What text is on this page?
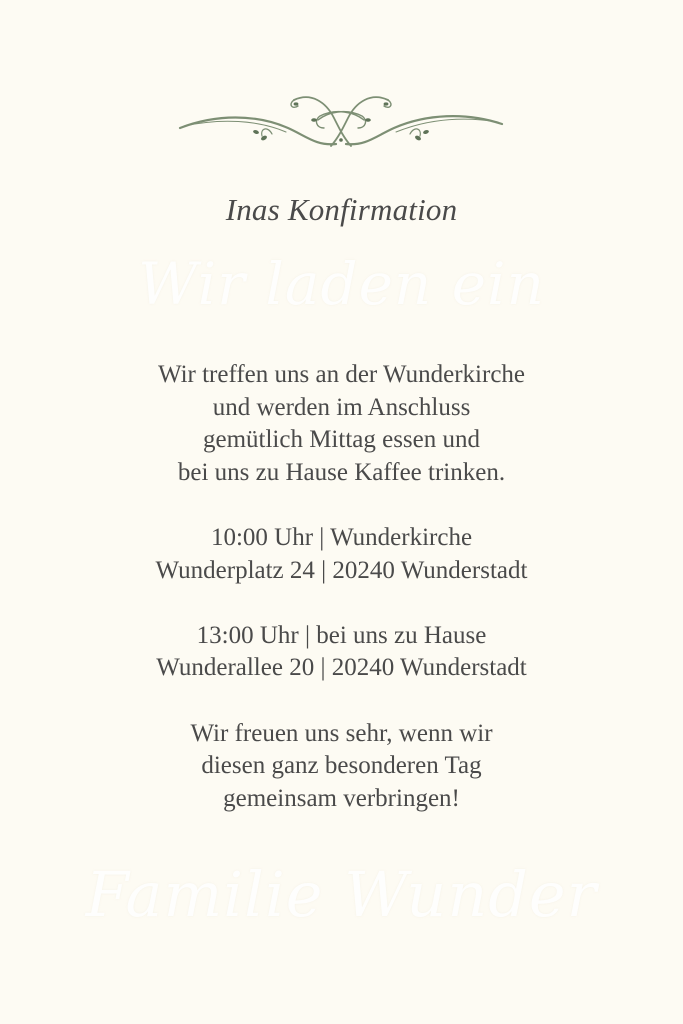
Inas Konfirmation
Wir laden ein

Wir treffen uns an der Wunderkirche
und werden im Anschluss
gemütlich Mittag essen und
bei uns zu Hause Kaffee trinken.

10:00 Uhr | Wunderkirche
Wunderplatz 24 | 20240 Wunderstadt

13:00 Uhr | bei uns zu Hause
Wunderallee 20 | 20240 Wunderstadt

Wir freuen uns sehr, wenn wir
diesen ganz besonderen Tag
gemeinsam verbringen!

Familie Wunder
